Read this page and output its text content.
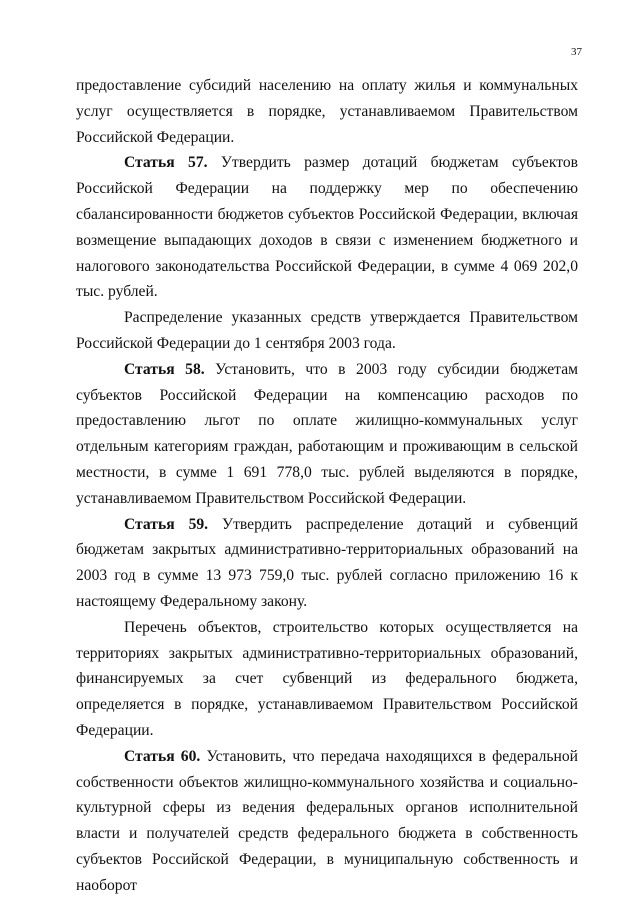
37

предоставление субсидий населению на оплату жилья и коммунальных услуг осуществляется в порядке, устанавливаемом Правительством Российской Федерации.

Статья 57. Утвердить размер дотаций бюджетам субъектов Российской Федерации на поддержку мер по обеспечению сбалансированности бюджетов субъектов Российской Федерации, включая возмещение выпадающих доходов в связи с изменением бюджетного и налогового законодательства Российской Федерации, в сумме 4 069 202,0 тыс. рублей.

Распределение указанных средств утверждается Правительством Российской Федерации до 1 сентября 2003 года.

Статья 58. Установить, что в 2003 году субсидии бюджетам субъектов Российской Федерации на компенсацию расходов по предоставлению льгот по оплате жилищно-коммунальных услуг отдельным категориям граждан, работающим и проживающим в сельской местности, в сумме 1 691 778,0 тыс. рублей выделяются в порядке, устанавливаемом Правительством Российской Федерации.

Статья 59. Утвердить распределение дотаций и субвенций бюджетам закрытых административно-территориальных образований на 2003 год в сумме 13 973 759,0 тыс. рублей согласно приложению 16 к настоящему Федеральному закону.

Перечень объектов, строительство которых осуществляется на территориях закрытых административно-территориальных образований, финансируемых за счет субвенций из федерального бюджета, определяется в порядке, устанавливаемом Правительством Российской Федерации.

Статья 60. Установить, что передача находящихся в федеральной собственности объектов жилищно-коммунального хозяйства и социально-культурной сферы из ведения федеральных органов исполнительной власти и получателей средств федерального бюджета в собственность субъектов Российской Федерации, в муниципальную собственность и наоборот
